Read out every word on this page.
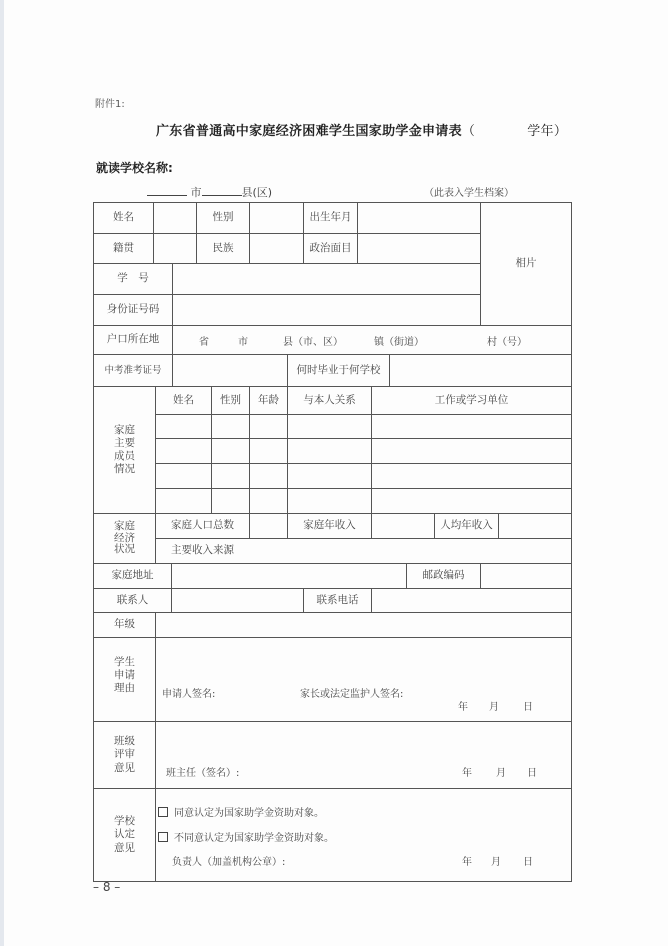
附件1:
广东省普通高中家庭经济困难学生国家助学金申请表（	学年）
就读学校名称:
市	县(区)	（此表入学生档案）
姓名	性别	出生年月
籍贯	民族	政治面目
相片
学　号
身份证号码
户口所在地	省	市	县（市、区）	镇（街道）	村（号）
中考准考证号	何时毕业于何学校
家庭
主要
成员
情况
姓名	性别	年龄	与本人关系	工作或学习单位
家庭
经济
状况
家庭人口总数	家庭年收入	人均年收入
主要收入来源
家庭地址	邮政编码
联系人	联系电话
年级
学生
申请
理由
申请人签名:	家长或法定监护人签名:
年 月 日
班级
评审
意见	班主任（签名）:	年 月 日
学校
认定
意见
同意认定为国家助学金资助对象。
不同意认定为国家助学金资助对象。
负责人（加盖机构公章）:	年 月 日
– 8 –
